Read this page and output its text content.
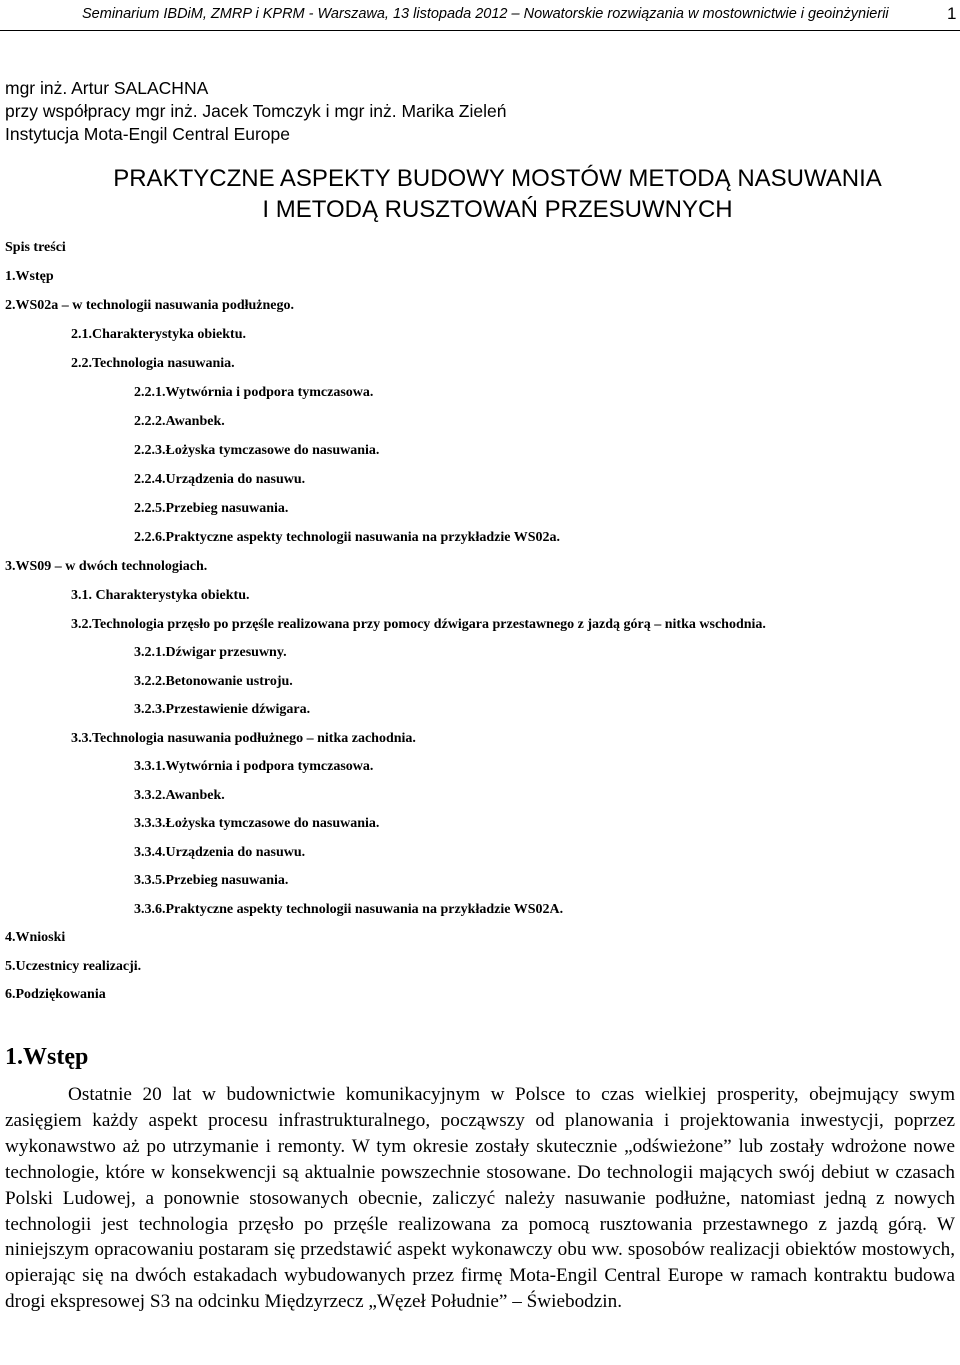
Seminarium IBDiM, ZMRP i KPRM - Warszawa, 13 listopada 2012 – Nowatorskie rozwiązania w mostownictwie i geoinżynierii	1
mgr inż. Artur SALACHNA
przy współpracy mgr inż. Jacek Tomczyk i mgr inż. Marika Zieleń
Instytucja Mota-Engil Central Europe
PRAKTYCZNE ASPEKTY BUDOWY MOSTÓW METODĄ NASUWANIA
I METODĄ RUSZTOWAŃ PRZESUWNYCH
Spis treści
1.Wstęp
2.WS02a – w technologii nasuwania podłużnego.
2.1.Charakterystyka obiektu.
2.2.Technologia nasuwania.
2.2.1.Wytwórnia i podpora tymczasowa.
2.2.2.Awanbek.
2.2.3.Łożyska tymczasowe do nasuwania.
2.2.4.Urządzenia do nasuwu.
2.2.5.Przebieg nasuwania.
2.2.6.Praktyczne aspekty technologii nasuwania na przykładzie WS02a.
3.WS09 – w dwóch technologiach.
3.1. Charakterystyka obiektu.
3.2.Technologia przęsło po przęśle realizowana przy pomocy dźwigara przestawnego z jazdą górą – nitka wschodnia.
3.2.1.Dźwigar przesuwny.
3.2.2.Betonowanie ustroju.
3.2.3.Przestawienie dźwigara.
3.3.Technologia nasuwania podłużnego – nitka zachodnia.
3.3.1.Wytwórnia i podpora tymczasowa.
3.3.2.Awanbek.
3.3.3.Łożyska tymczasowe do nasuwania.
3.3.4.Urządzenia do nasuwu.
3.3.5.Przebieg nasuwania.
3.3.6.Praktyczne aspekty technologii nasuwania na przykładzie WS02A.
4.Wnioski
5.Uczestnicy realizacji.
6.Podziękowania
1.Wstęp

Ostatnie 20 lat w budownictwie komunikacyjnym w Polsce to czas wielkiej prosperity, obejmujący swym zasięgiem każdy aspekt procesu infrastrukturalnego, począwszy od planowania i projektowania inwestycji, poprzez wykonawstwo aż po utrzymanie i remonty. W tym okresie zostały skutecznie „odświeżone” lub zostały wdrożone nowe technologie, które w konsekwencji są aktualnie powszechnie stosowane. Do technologii mających swój debiut w czasach Polski Ludowej, a ponownie stosowanych obecnie, zaliczyć należy nasuwanie podłużne, natomiast jedną z nowych technologii jest technologia przęsło po przęśle realizowana za pomocą rusztowania przestawnego z jazdą górą. W niniejszym opracowaniu postaram się przedstawić aspekt wykonawczy obu ww. sposobów realizacji obiektów mostowych, opierając się na dwóch estakadach wybudowanych przez firmę Mota-Engil Central Europe w ramach kontraktu budowa drogi ekspresowej S3 na odcinku Międzyrzecz „Węzeł Południe” – Świebodzin.
